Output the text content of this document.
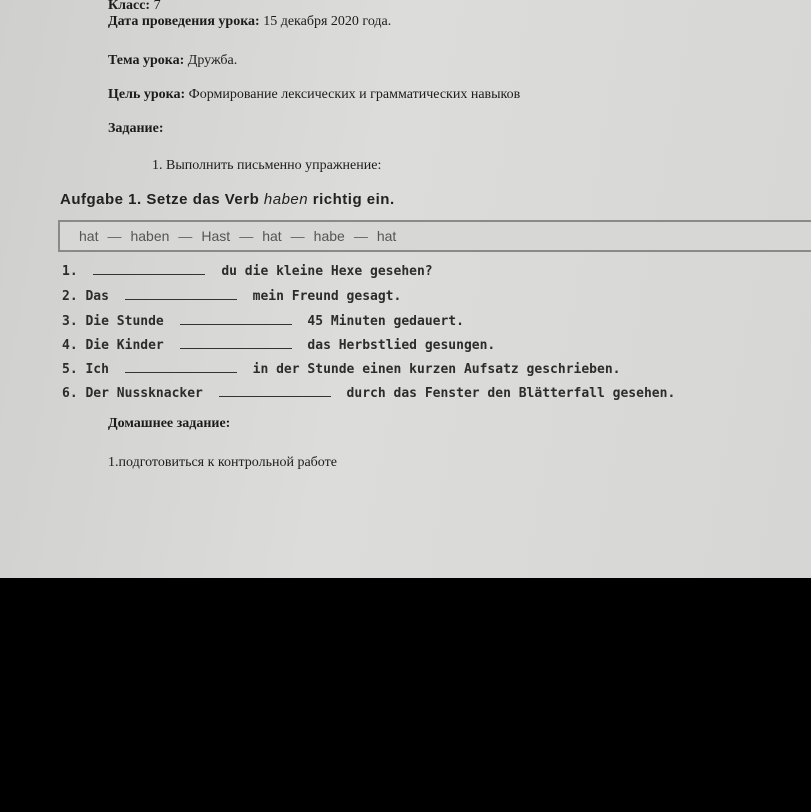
Класс: 7
Дата проведения урока: 15 декабря 2020 года.
Тема урока: Дружба.
Цель урока: Формирование лексических и грамматических навыков
Задание:
1. Выполнить письменно упражнение:
Aufgabe 1. Setze das Verb haben richtig ein.
hat — haben — Hast — hat — habe — hat
1.	du die kleine Hexe gesehen?
2. Das	mein Freund gesagt.
3. Die Stunde	45 Minuten gedauert.
4. Die Kinder	das Herbstlied gesungen.
5. Ich	in der Stunde einen kurzen Aufsatz geschrieben.
6. Der Nussknacker	durch das Fenster den Blätterfall gesehen.
Домашнее задание:
1.подготовиться к контрольной работе
